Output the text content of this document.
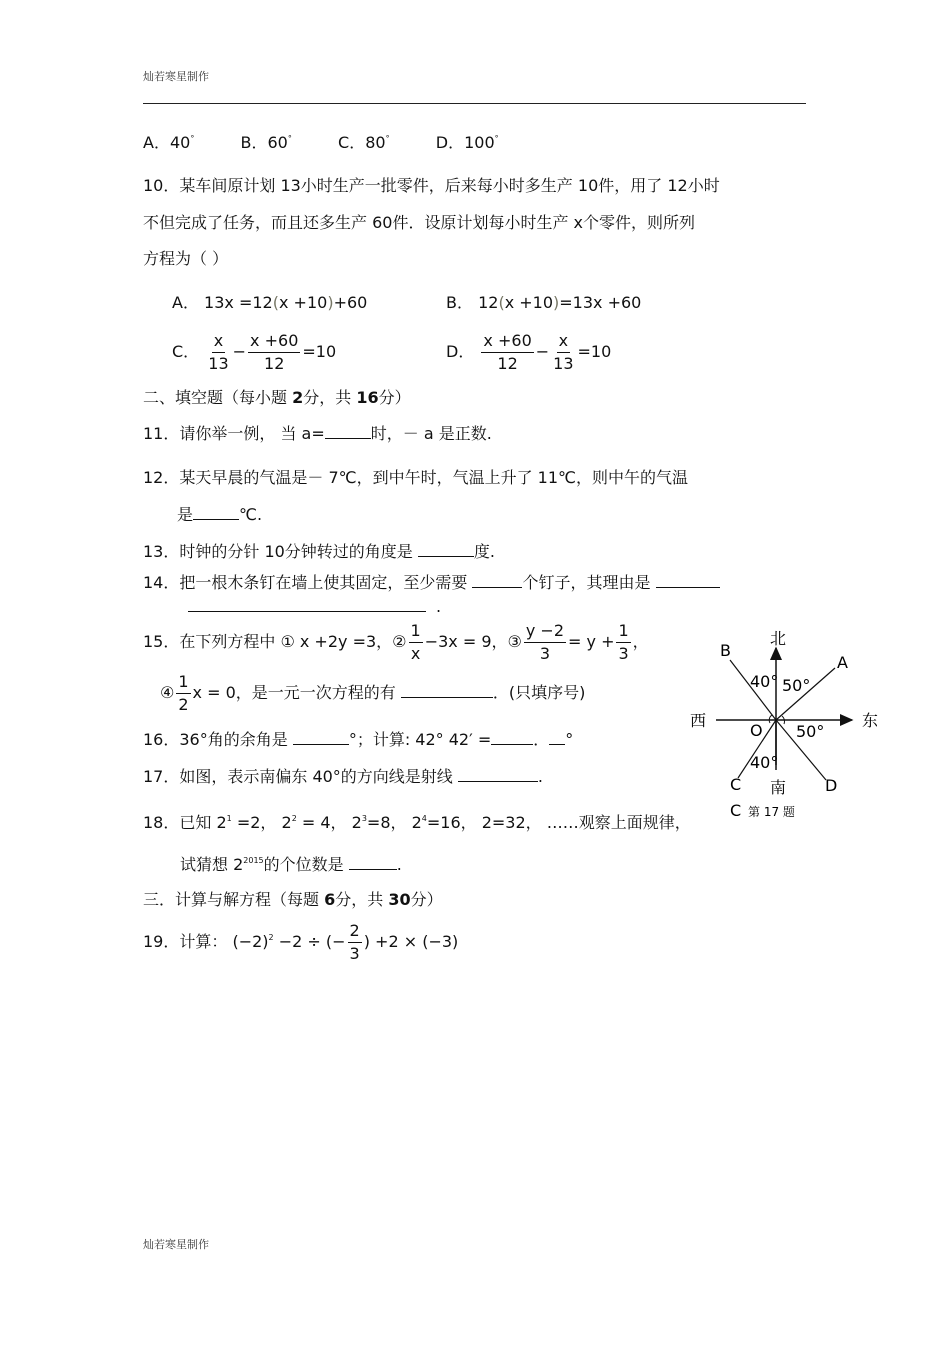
灿若寒星制作
A．40°	B．60°	C．80°	D．100°
10．某车间原计划 13小时生产一批零件，后来每小时多生产 10件，用了 12小时
不但完成了任务，而且还多生产 60件．设原计划每小时生产 x个零件，则所列
方程为（ ）
A． 13x =12(x +10)+60	B． 12(x +10)=13x +60
C． $\frac{x}{13} - \frac{x +60}{12} =10$	D． $\frac{x +60}{12} - \frac{x}{13} =10$
二、填空题（每小题 2分，共 16分）
11．请你举一例， 当 a=	时，－ a 是正数.
12．某天早晨的气温是－ 7℃，到中午时，气温上升了 11℃，则中午的气温
是	℃.
13．时钟的分针 10分钟转过的角度是	度.
14．把一根木条钉在墙上使其固定，至少需要	个钉子，其理由是
.
15．在下列方程中 ① x +2y =3，② $\frac{1}{x} -3x = 9$，③ $\frac{y -2}{3} = y + \frac{1}{3}$ ，
④ $\frac{1}{2}$ x = 0，是一元一次方程的有	．(只填序号)
16．36°角的余角是	°；计算: 42° 42′ =	． °
17．如图，表示南偏东 40°的方向线是射线	.
18．已知 $2^1 =2$， $2^2 = 4$， $2^3=8$， $2^4=16$， 2=32， ……观察上面规律，
试猜想 $2^{2015}$的个位数是	.
三．计算与解方程（每题 6分，共 30分）
19．计算： $(-2)^2 -2$ ÷ (− $\frac{2}{3}$ ) +2 × (−3)
北
南
西	东
B
A
C	D
O
40° 50°
50°
40°
C 第 17 题
灿若寒星制作
